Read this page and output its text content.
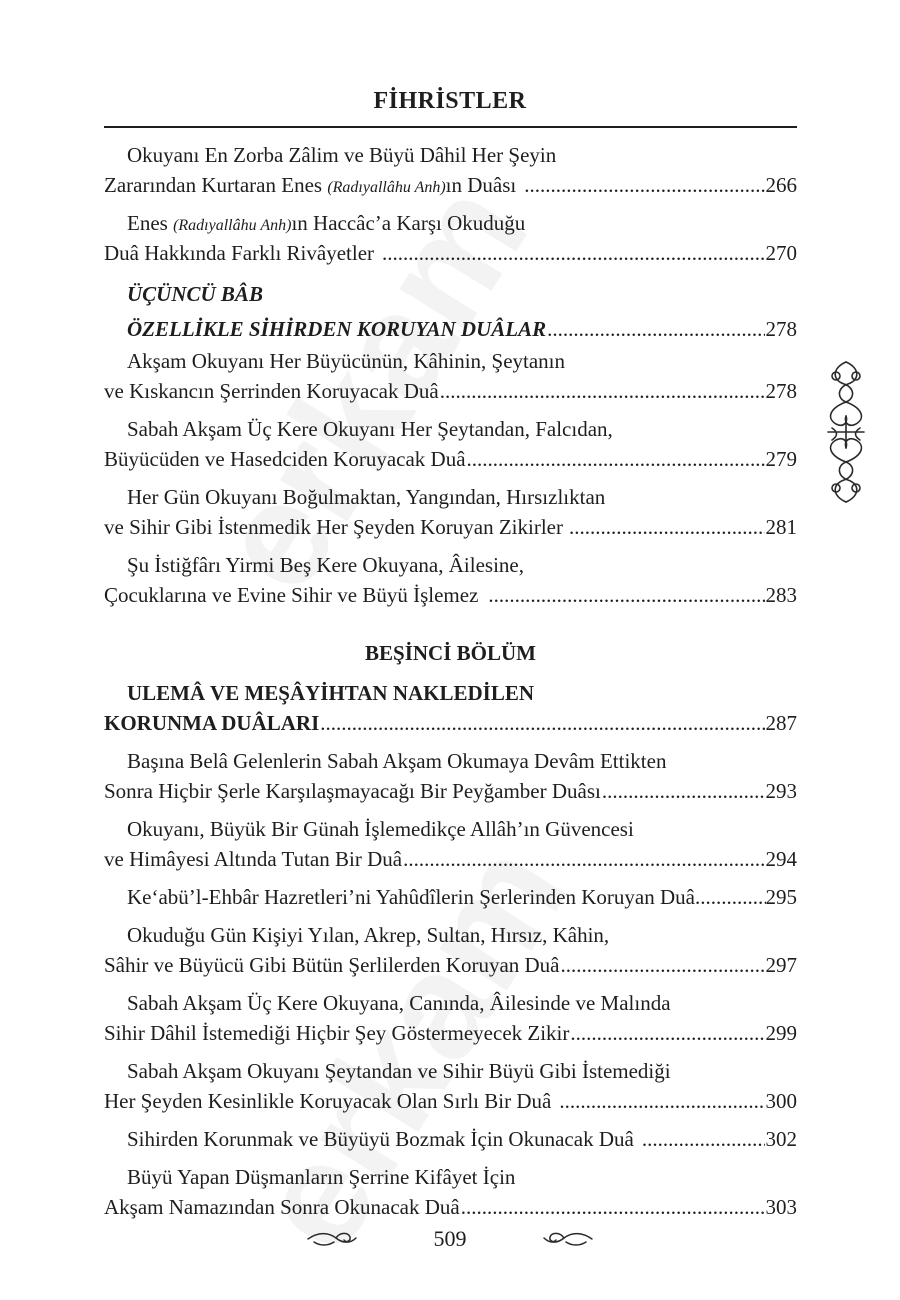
FİHRİSTLER
Okuyanı En Zorba Zâlim ve Büyü Dâhil Her Şeyin
Zararından Kurtaran Enes (Radıyallâhu Anh) ın Duâsı .....	266
Enes (Radıyallâhu Anh) ın Haccâc’a Karşı Okuduğu
Duâ Hakkında Farklı Rivâyetler .....	270
ÜÇÜNCÜ BÂB
ÖZELLİKLE SİHİRDEN KORUYAN DUÂLAR .....	278
Akşam Okuyanı Her Büyücünün, Kâhinin, Şeytanın
ve Kıskancın Şerrinden Koruyacak Duâ .....	278
Sabah Akşam Üç Kere Okuyanı Her Şeytandan, Falcıdan,
Büyücüden ve Hasedciden Koruyacak Duâ .....	279
Her Gün Okuyanı Boğulmaktan, Yangından, Hırsızlıktan
ve Sihir Gibi İstenmedik Her Şeyden Koruyan Zikirler .....	281
Şu İstiğfârı Yirmi Beş Kere Okuyana, Âilesine,
Çocuklarına ve Evine Sihir ve Büyü İşlemez .....	283
BEŞİNCİ BÖLÜM
ULEMÂ VE MEŞÂYİHTAN NAKLEDİLEN
KORUNMA DUÂLARI .....	287
Başına Belâ Gelenlerin Sabah Akşam Okumaya Devâm Ettikten
Sonra Hiçbir Şerle Karşılaşmayacağı Bir Peyğamber Duâsı .....	293
Okuyanı, Büyük Bir Günah İşlemedikçe Allâh’ın Güvencesi
ve Himâyesi Altında Tutan Bir Duâ .....	294
Ke‘abü’l-Ehbâr Hazretleri’ni Yahûdîlerin Şerlerinden Koruyan Duâ .....	295
Okuduğu Gün Kişiyi Yılan, Akrep, Sultan, Hırsız, Kâhin,
Sâhir ve Büyücü Gibi Bütün Şerlilerden Koruyan Duâ .....	297
Sabah Akşam Üç Kere Okuyana, Canında, Âilesinde ve Malında
Sihir Dâhil İstemediği Hiçbir Şey Göstermeyecek Zikir .....	299
Sabah Akşam Okuyanı Şeytandan ve Sihir Büyü Gibi İstemediği
Her Şeyden Kesinlikle Koruyacak Olan Sırlı Bir Duâ .....	300
Sihirden Korunmak ve Büyüyü Bozmak İçin Okunacak Duâ .....	302
Büyü Yapan Düşmanların Şerrine Kifâyet İçin
Akşam Namazından Sonra Okunacak Duâ .....	303
509
